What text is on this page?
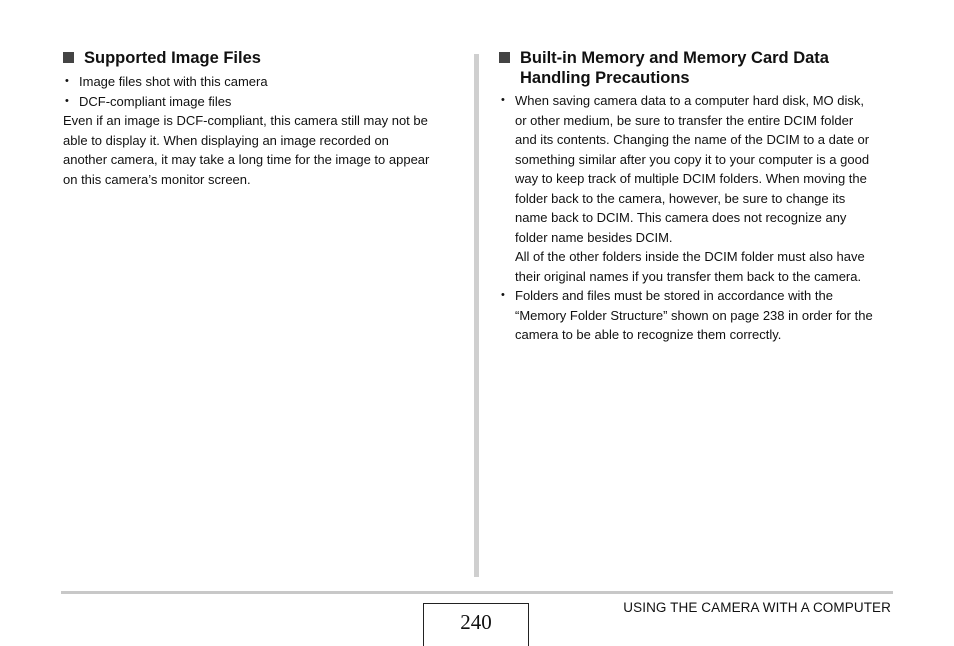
Supported Image Files
• Image files shot with this camera
• DCF-compliant image files
Even if an image is DCF-compliant, this camera still may not be
able to display it. When displaying an image recorded on
another camera, it may take a long time for the image to appear
on this camera’s monitor screen.
Built-in Memory and Memory Card Data
Handling Precautions
• When saving camera data to a computer hard disk, MO disk,
or other medium, be sure to transfer the entire DCIM folder
and its contents. Changing the name of the DCIM to a date or
something similar after you copy it to your computer is a good
way to keep track of multiple DCIM folders. When moving the
folder back to the camera, however, be sure to change its
name back to DCIM. This camera does not recognize any
folder name besides DCIM.
All of the other folders inside the DCIM folder must also have
their original names if you transfer them back to the camera.
• Folders and files must be stored in accordance with the
“Memory Folder Structure” shown on page 238 in order for the
camera to be able to recognize them correctly.
240
USING THE CAMERA WITH A COMPUTER
